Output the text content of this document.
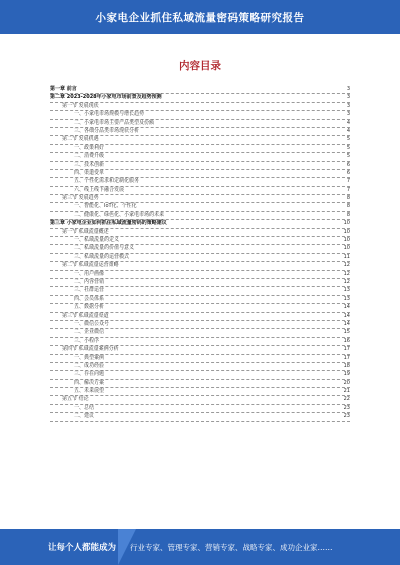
小家电企业抓住私域流量密码策略研究报告
内容目录
第一章 前言	3
第二章 2023-2028年小家电市场前景及趋势预测	3
第一节 发展现状	3
一、小家电市场规模与增长趋势	3
二、小家电市场主要产品类型及份额	4
三、各细分品类市场现状分析	4
第二节 发展机遇	5
一、政策利好	5
二、消费升级	5
三、技术创新	6
四、渠道变革	6
五、个性化需求和定制化服务	7
六、线上线下融合发展	7
第三节 发展趋势	8
一、智能化、IoT化、个性化	8
二、健康化、绿色化、小家电市场的未来	8
第三章 小家电企业如何抓住私域流量密码的策略建议	10
第一节 私域流量概述	10
一、私域流量的定义	10
二、私域流量的价值与意义	10
三、私域流量的运营模式	11
第二节 私域流量运营策略	12
一、用户画像	12
二、内容营销	12
三、社群运营	13
四、会员体系	13
五、数据分析	14
第三节 私域流量渠道	14
一、微信公众号	14
二、企业微信	15
三、小程序	16
第四节 私域流量案例分析	17
一、典型案例	17
二、成功经验	18
三、存在问题	19
四、解决方案	20
五、未来展望	21
第五节 结论	22
一、总结	23
二、建议	23
让每个人都能成为 行业专家、管理专家、营销专家、战略专家、成功企业家……
